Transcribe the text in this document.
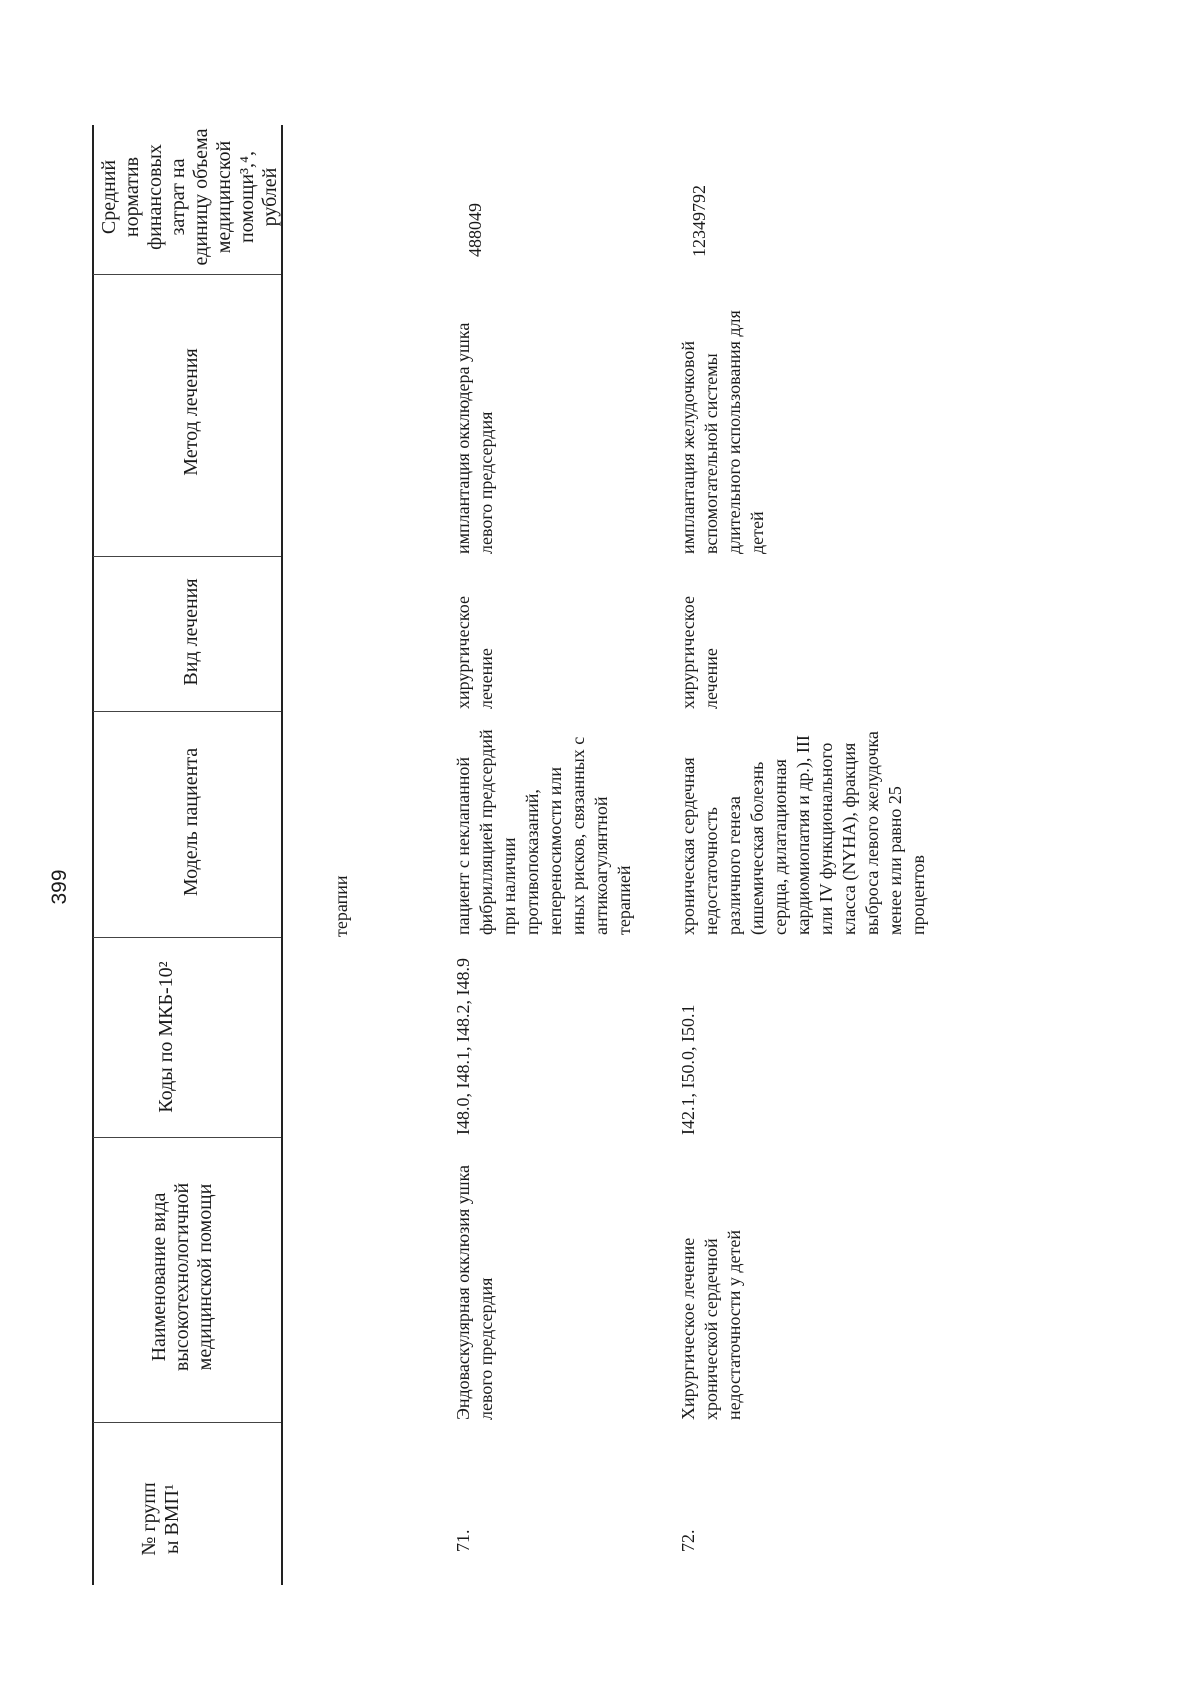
399
№ групп ы ВМП¹
Наименование вида высокотехнологичной медицинской помощи
Коды по МКБ-10²
Модель пациента
Вид лечения
Метод лечения
Средний норматив финансовых затрат на единицу объема медицинской помощи³,⁴, рублей
терапии
71.
Эндоваскулярная окклюзия ушка левого предсердия
I48.0, I48.1, I48.2, I48.9
пациент с неклапанной фибрилляцией предсердий при наличии противопоказаний, непереносимости или иных рисков, связанных с антикоагулянтной терапией
хирургическое лечение
имплантация окклюдера ушка левого предсердия
488049
72.
Хирургическое лечение хронической сердечной недостаточности у детей
I42.1, I50.0, I50.1
хроническая сердечная недостаточность различного генеза (ишемическая болезнь сердца, дилатационная кардиомиопатия и др.), III или IV функционального класса (NYHA), фракция выброса левого желудочка менее или равно 25 процентов
хирургическое лечение
имплантация желудочковой вспомогательной системы длительного использования для детей
12349792
